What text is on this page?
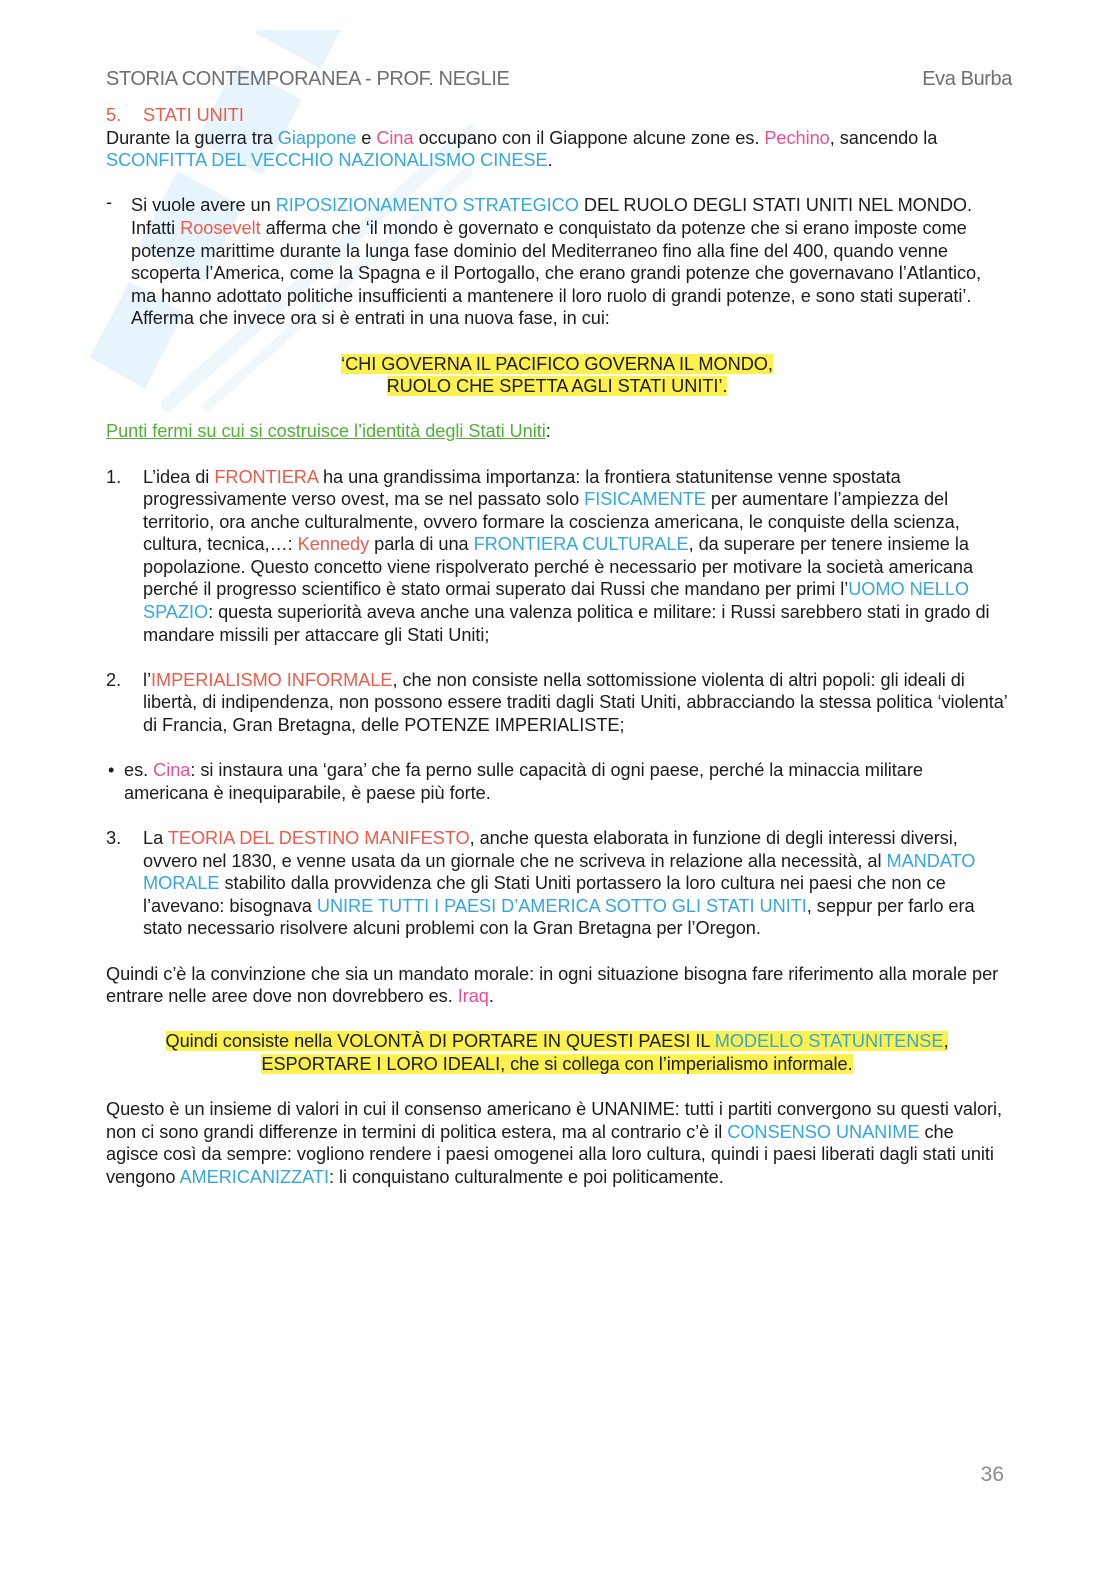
STORIA CONTEMPORANEA - PROF. NEGLIE	Eva Burba

5. STATI UNITI

Durante la guerra tra Giappone e Cina occupano con il Giappone alcune zone es. Pechino, sancendo la SCONFITTA DEL VECCHIO NAZIONALISMO CINESE.

- Si vuole avere un RIPOSIZIONAMENTO STRATEGICO DEL RUOLO DEGLI STATI UNITI NEL MONDO. Infatti Roosevelt afferma che ‘il mondo è governato e conquistato da potenze che si erano imposte come potenze marittime durante la lunga fase dominio del Mediterraneo fino alla fine del 400, quando venne scoperta l’America, come la Spagna e il Portogallo, che erano grandi potenze che governavano l’Atlantico, ma hanno adottato politiche insufficienti a mantenere il loro ruolo di grandi potenze, e sono stati superati’. Afferma che invece ora si è entrati in una nuova fase, in cui:

‘CHI GOVERNA IL PACIFICO GOVERNA IL MONDO,
RUOLO CHE SPETTA AGLI STATI UNITI’.

Punti fermi su cui si costruisce l’identità degli Stati Uniti:

1. L’idea di FRONTIERA ha una grandissima importanza: la frontiera statunitense venne spostata progressivamente verso ovest, ma se nel passato solo FISICAMENTE per aumentare l’ampiezza del territorio, ora anche culturalmente, ovvero formare la coscienza americana, le conquiste della scienza, cultura, tecnica,…: Kennedy parla di una FRONTIERA CULTURALE, da superare per tenere insieme la popolazione. Questo concetto viene rispolverato perché è necessario per motivare la società americana perché il progresso scientifico è stato ormai superato dai Russi che mandano per primi l’UOMO NELLO SPAZIO: questa superiorità aveva anche una valenza politica e militare: i Russi sarebbero stati in grado di mandare missili per attaccare gli Stati Uniti;

2. l’IMPERIALISMO INFORMALE, che non consiste nella sottomissione violenta di altri popoli: gli ideali di libertà, di indipendenza, non possono essere traditi dagli Stati Uniti, abbracciando la stessa politica ‘violenta’ di Francia, Gran Bretagna, delle POTENZE IMPERIALISTE;

• es. Cina: si instaura una ‘gara’ che fa perno sulle capacità di ogni paese, perché la minaccia militare americana è inequiparabile, è paese più forte.

3. La TEORIA DEL DESTINO MANIFESTO, anche questa elaborata in funzione di degli interessi diversi, ovvero nel 1830, e venne usata da un giornale che ne scriveva in relazione alla necessità, al MANDATO MORALE stabilito dalla provvidenza che gli Stati Uniti portassero la loro cultura nei paesi che non ce l’avevano: bisognava UNIRE TUTTI I PAESI D’AMERICA SOTTO GLI STATI UNITI, seppur per farlo era stato necessario risolvere alcuni problemi con la Gran Bretagna per l’Oregon.

Quindi c’è la convinzione che sia un mandato morale: in ogni situazione bisogna fare riferimento alla morale per entrare nelle aree dove non dovrebbero es. Iraq.

Quindi consiste nella VOLONTÀ DI PORTARE IN QUESTI PAESI IL MODELLO STATUNITENSE,
ESPORTARE I LORO IDEALI, che si collega con l’imperialismo informale.

Questo è un insieme di valori in cui il consenso americano è UNANIME: tutti i partiti convergono su questi valori, non ci sono grandi differenze in termini di politica estera, ma al contrario c’è il CONSENSO UNANIME che agisce così da sempre: vogliono rendere i paesi omogenei alla loro cultura, quindi i paesi liberati dagli stati uniti vengono AMERICANIZZATI: li conquistano culturalmente e poi politicamente.

36
